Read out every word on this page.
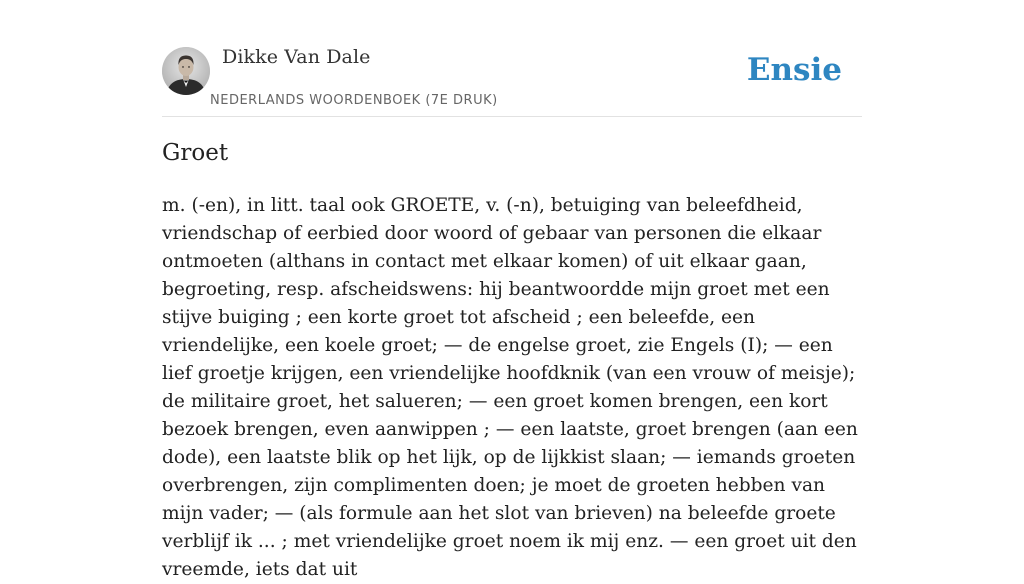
Dikke Van Dale
NEDERLANDS WOORDENBOEK (7E DRUK)
Ensie
Groet

m. (-en), in litt. taal ook GROETE, v. (-n), betuiging van beleefdheid, vriendschap of eerbied door woord of gebaar van personen die elkaar ontmoeten (althans in contact met elkaar komen) of uit elkaar gaan, begroeting, resp. afscheidswens: hij beantwoordde mijn groet met een stijve buiging ; een korte groet tot afscheid ; een beleefde, een vriendelijke, een koele groet; — de engelse groet, zie Engels (I); — een lief groetje krijgen, een vriendelijke hoofdknik (van een vrouw of meisje); de militaire groet, het salueren; — een groet komen brengen, een kort bezoek brengen, even aanwippen ; — een laatste, groet brengen (aan een dode), een laatste blik op het lijk, op de lijkkist slaan; — iemands groeten overbrengen, zijn complimenten doen; je moet de groeten hebben van mijn vader; — (als formule aan het slot van brieven) na beleefde groete verblijf ik ... ; met vriendelijke groet noem ik mij enz. — een groet uit den vreemde, iets dat uit
